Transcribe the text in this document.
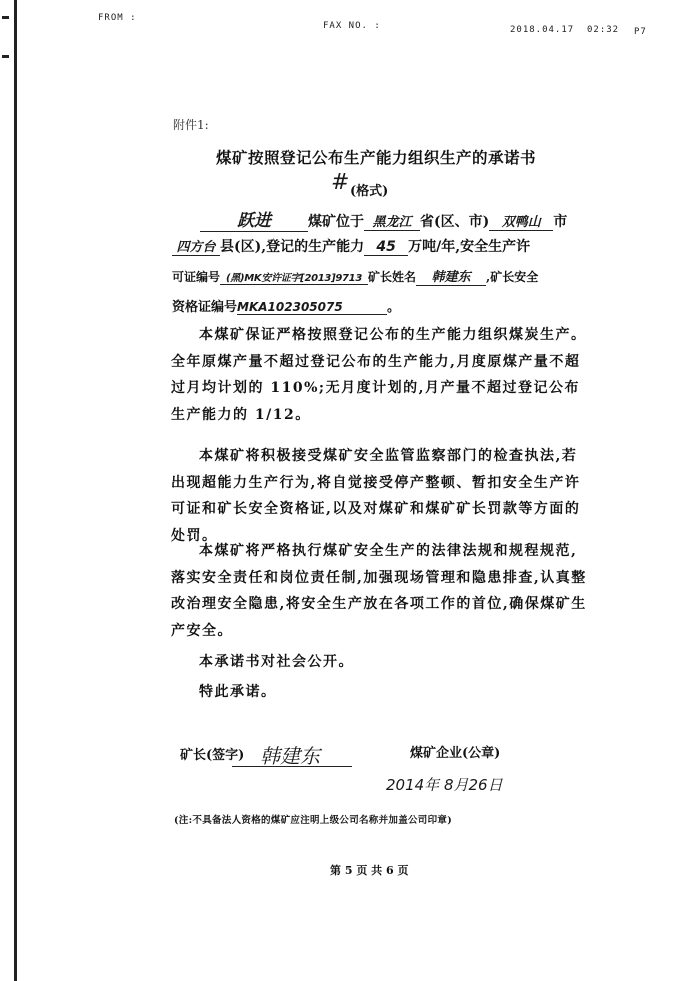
FROM :
FAX NO. :	2018.04.17 02:32 P7
附件1:
煤矿按照登记公布生产能力组织生产的承诺书
# (格式)
跃进	煤矿位于 黑龙江 省(区、市) 双鸭山 市
四方台 县(区),登记的生产能力 45 万吨/年,安全生产许
可证编号 (黑)MK安许证字[2013]9713 矿长姓名 韩建东 ,矿长安全
资格证编号MKA102305075	。
本煤矿保证严格按照登记公布的生产能力组织煤炭生产。全年原煤产量不超过登记公布的生产能力,月度原煤产量不超过月均计划的 110%;无月度计划的,月产量不超过登记公布生产能力的 1/12。
本煤矿将积极接受煤矿安全监管监察部门的检查执法,若出现超能力生产行为,将自觉接受停产整顿、暂扣安全生产许可证和矿长安全资格证,以及对煤矿和煤矿矿长罚款等方面的处罚。
本煤矿将严格执行煤矿安全生产的法律法规和规程规范,落实安全责任和岗位责任制,加强现场管理和隐患排查,认真整改治理安全隐患,将安全生产放在各项工作的首位,确保煤矿生产安全。
本承诺书对社会公开。
特此承诺。
矿长(签字) 韩建东	煤矿企业(公章)
2014年 8月26日
(注:不具备法人资格的煤矿应注明上级公司名称并加盖公司印章)
第 5 页 共 6 页
